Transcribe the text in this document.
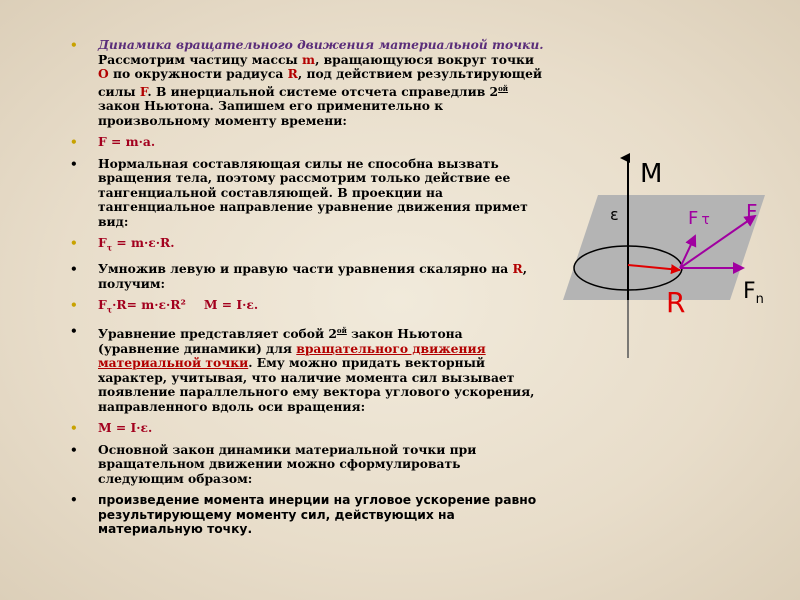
• Динамика вращательного движения материальной точки. Рассмотрим частицу массы m, вращающуюся вокруг точки O по окружности радиуса R, под действием результирующей силы F. В инерциальной системе отсчета справедлив $2^{ой}$ закон Ньютона. Запишем его применительно к произвольному моменту времени:
• F = m·a.
• Нормальная составляющая силы не способна вызвать вращения тела, поэтому рассмотрим только действие ее тангенциальной составляющей. В проекции на тангенциальное направление уравнение движения примет вид:
• $F_\tau = m\cdot\varepsilon\cdot R$.
• Умножив левую и правую части уравнения скалярно на R, получим:
• $F_\tau\cdot R= m\cdot\varepsilon\cdot R^2$ M = I·ε.
• Уравнение представляет собой $2^{ой}$ закон Ньютона (уравнение динамики) для вращательного движения материальной точки. Ему можно придать векторный характер, учитывая, что наличие момента сил вызывает появление параллельного ему вектора углового ускорения, направленного вдоль оси вращения:
• M = I·ε.
• Основной закон динамики материальной точки при вращательном движении можно сформулировать следующим образом:
• произведение момента инерции на угловое ускорение равно результирующему моменту сил, действующих на материальную точку.
M
ε	F
F τ
R	$F_n$
